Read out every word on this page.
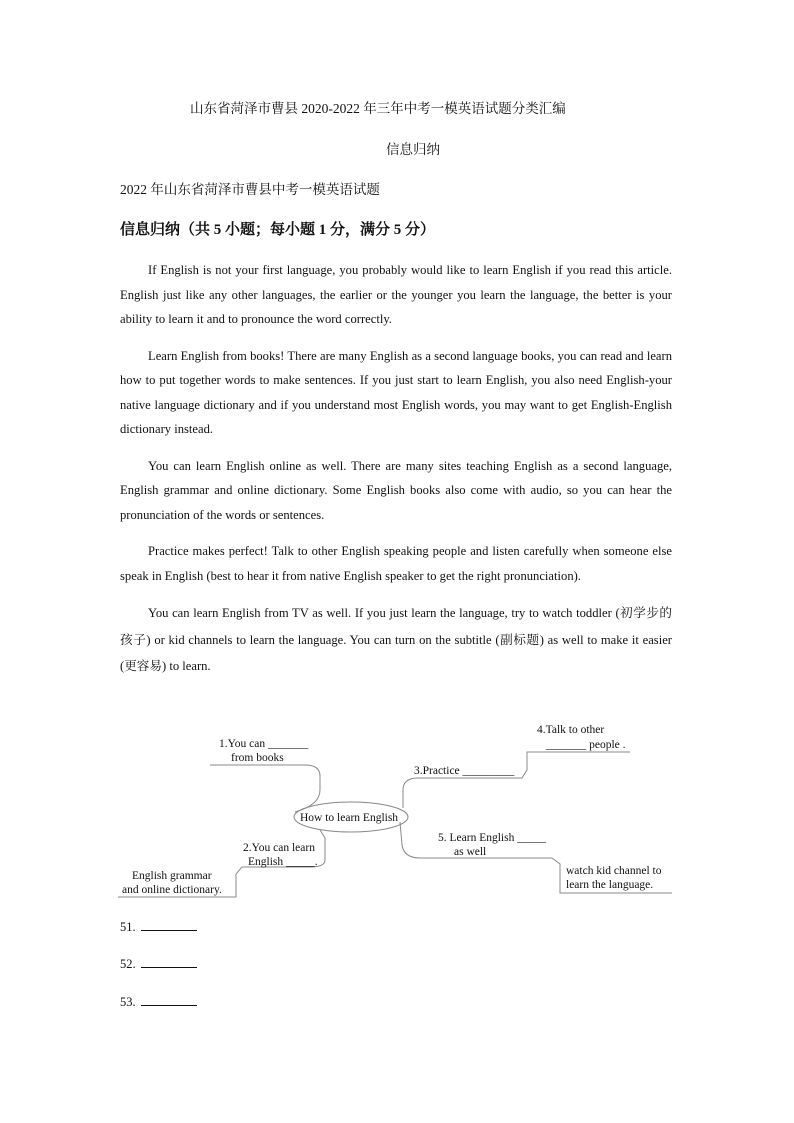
山东省菏泽市曹县 2020-2022 年三年中考一模英语试题分类汇编
信息归纳
2022 年山东省菏泽市曹县中考一模英语试题
信息归纳（共 5 小题；每小题 1 分，满分 5 分）

If English is not your first language, you probably would like to learn English if you read this article. English just like any other languages, the earlier or the younger you learn the language, the better is your ability to learn it and to pronounce the word correctly.

Learn English from books! There are many English as a second language books, you can read and learn how to put together words to make sentences. If you just start to learn English, you also need English-your native language dictionary and if you understand most English words, you may want to get English-English dictionary instead.

You can learn English online as well. There are many sites teaching English as a second language, English grammar and online dictionary. Some English books also come with audio, so you can hear the pronunciation of the words or sentences.

Practice makes perfect! Talk to other English speaking people and listen carefully when someone else speak in English (best to hear it from native English speaker to get the right pronunciation).

You can learn English from TV as well. If you just learn the language, try to watch toddler (初学步的孩子) or kid channels to learn the language. You can turn on the subtitle (副标题) as well to make it easier (更容易) to learn.

How to learn English
1.You can _______
from books
2.You can learn
English _____.
English grammar
and online dictionary.
3.Practice _________
4.Talk to other
_______ people .
5. Learn English _____
as well
watch kid channel to
learn the language.
51.
52.
53.
